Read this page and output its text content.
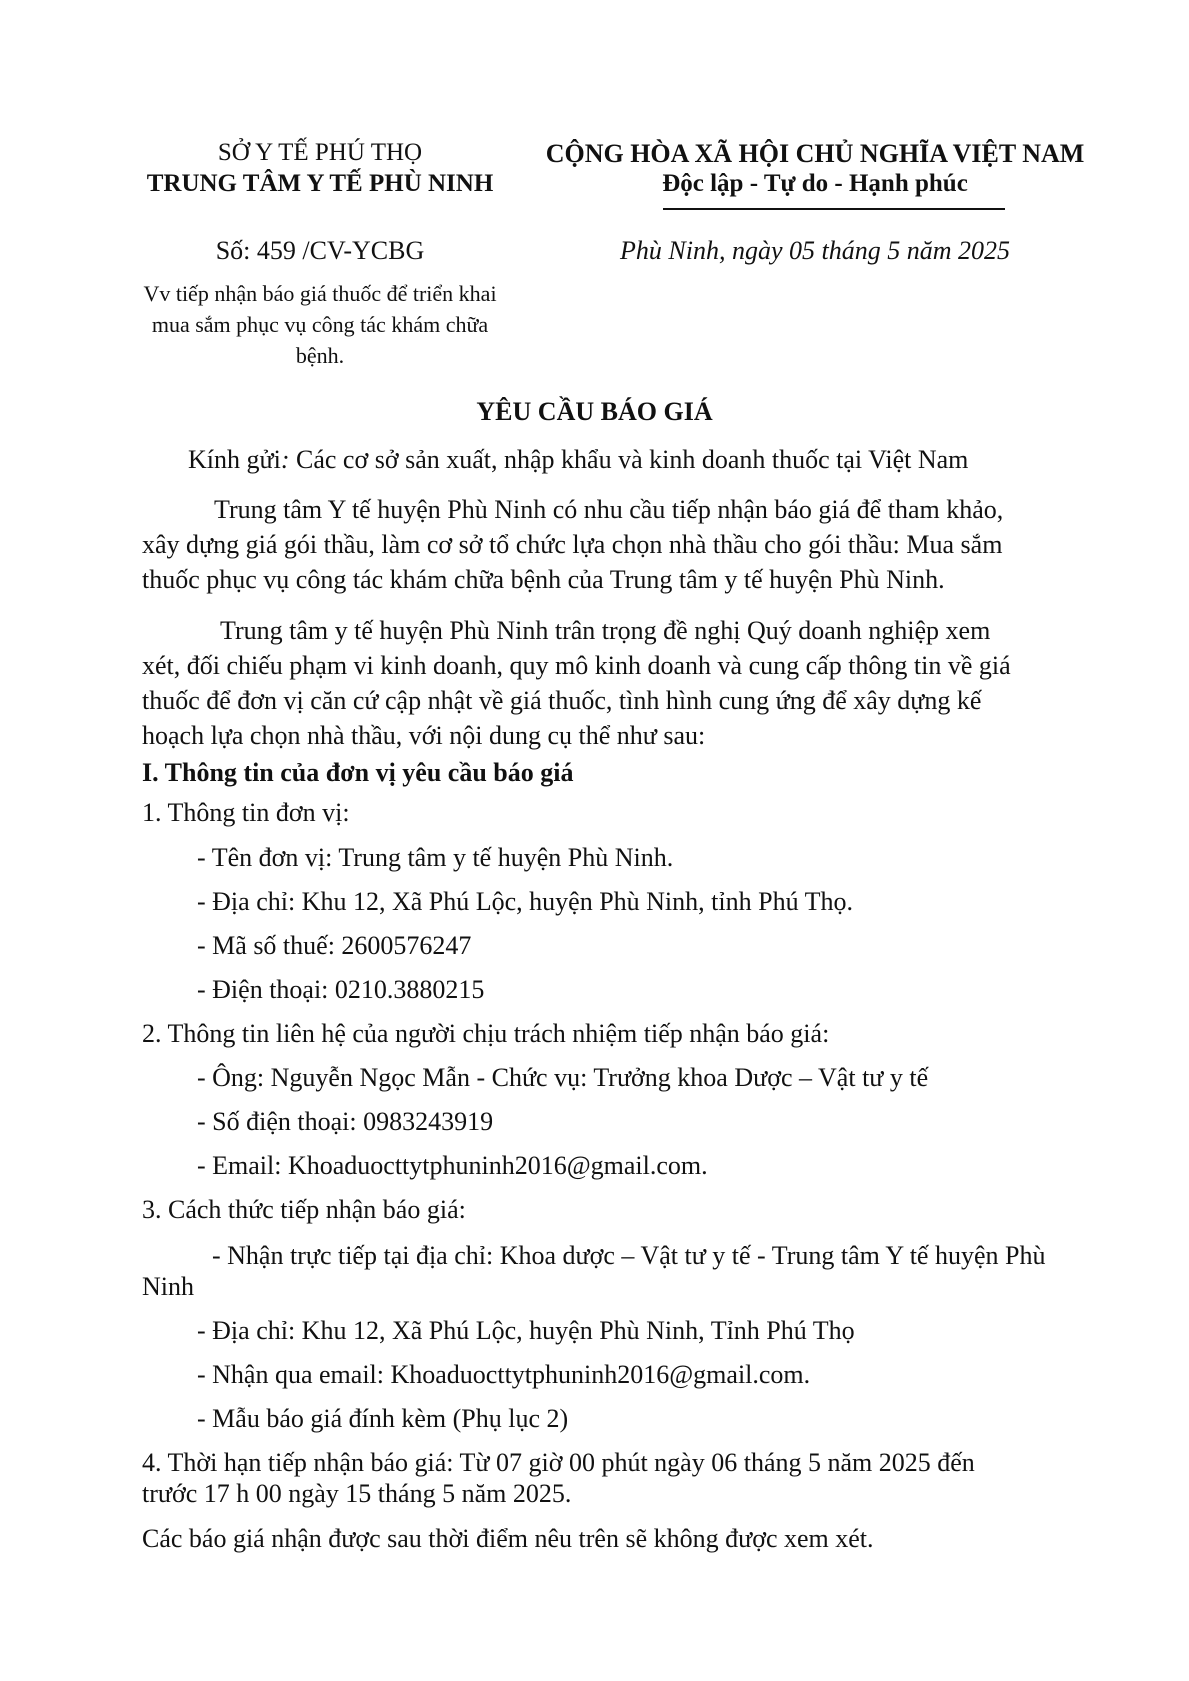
SỞ Y TẾ PHÚ THỌ
TRUNG TÂM Y TẾ PHÙ NINH
CỘNG HÒA XÃ HỘI CHỦ NGHĨA VIỆT NAM
Độc lập - Tự do - Hạnh phúc
Số: 459 /CV-YCBG	Phù Ninh, ngày 05 tháng 5 năm 2025
Vv tiếp nhận báo giá thuốc để triển khai
mua sắm phục vụ công tác khám chữa
bệnh.
YÊU CẦU BÁO GIÁ
Kính gửi: Các cơ sở sản xuất, nhập khẩu và kinh doanh thuốc tại Việt Nam
Trung tâm Y tế huyện Phù Ninh có nhu cầu tiếp nhận báo giá để tham khảo,
xây dựng giá gói thầu, làm cơ sở tổ chức lựa chọn nhà thầu cho gói thầu: Mua sắm
thuốc phục vụ công tác khám chữa bệnh của Trung tâm y tế huyện Phù Ninh.
Trung tâm y tế huyện Phù Ninh trân trọng đề nghị Quý doanh nghiệp xem
xét, đối chiếu phạm vi kinh doanh, quy mô kinh doanh và cung cấp thông tin về giá
thuốc để đơn vị căn cứ cập nhật về giá thuốc, tình hình cung ứng để xây dựng kế
hoạch lựa chọn nhà thầu, với nội dung cụ thể như sau:
I. Thông tin của đơn vị yêu cầu báo giá
1. Thông tin đơn vị:
- Tên đơn vị: Trung tâm y tế huyện Phù Ninh.
- Địa chỉ: Khu 12, Xã Phú Lộc, huyện Phù Ninh, tỉnh Phú Thọ.
- Mã số thuế: 2600576247
- Điện thoại: 0210.3880215
2. Thông tin liên hệ của người chịu trách nhiệm tiếp nhận báo giá:
- Ông: Nguyễn Ngọc Mẫn - Chức vụ: Trưởng khoa Dược – Vật tư y tế
- Số điện thoại: 0983243919
- Email: Khoaduocttytphuninh2016@gmail.com.
3. Cách thức tiếp nhận báo giá:
- Nhận trực tiếp tại địa chỉ: Khoa dược – Vật tư y tế - Trung tâm Y tế huyện Phù
Ninh
- Địa chỉ: Khu 12, Xã Phú Lộc, huyện Phù Ninh, Tỉnh Phú Thọ
- Nhận qua email: Khoaduocttytphuninh2016@gmail.com.
- Mẫu báo giá đính kèm (Phụ lục 2)
4. Thời hạn tiếp nhận báo giá: Từ 07 giờ 00 phút ngày 06 tháng 5 năm 2025 đến
trước 17 h 00 ngày 15 tháng 5 năm 2025.
Các báo giá nhận được sau thời điểm nêu trên sẽ không được xem xét.
